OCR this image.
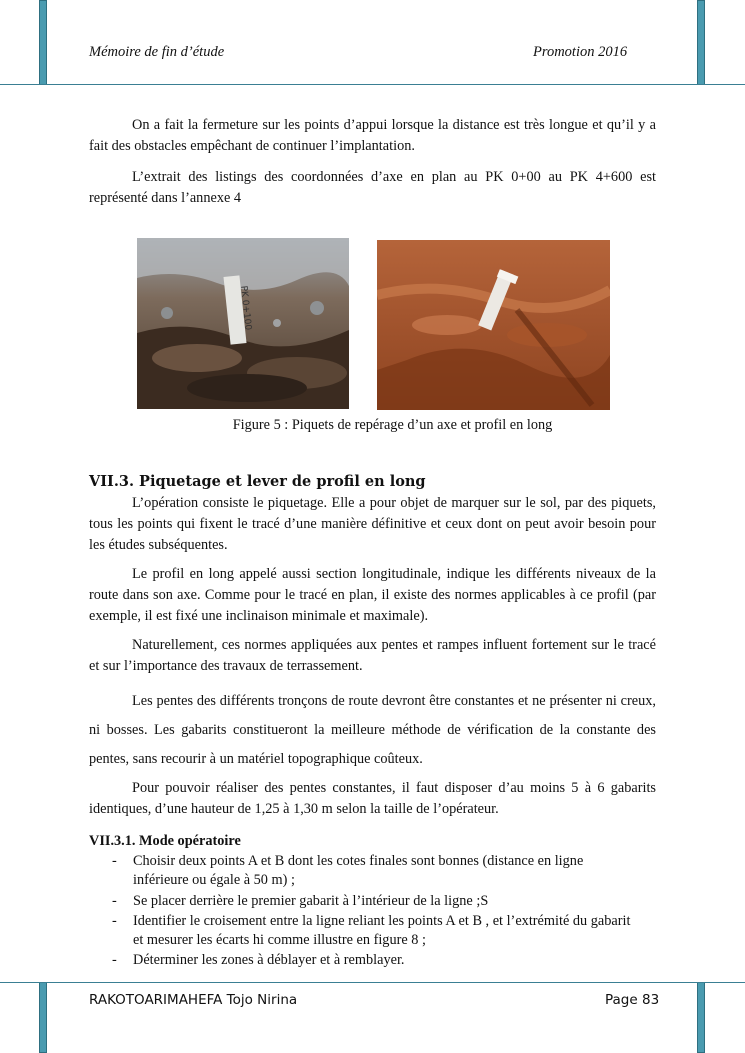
Mémoire de fin d’étude	Promotion 2016

On a fait la fermeture sur les points d’appui lorsque la distance est très longue et qu’il y a fait des obstacles empêchant de continuer l’implantation.

L’extrait des listings des coordonnées d’axe en plan au PK 0+00 au PK 4+600 est représenté dans l’annexe 4

PK 0+100
Figure 5 : Piquets de repérage d’un axe et profil en long
VII.3. Piquetage et lever de profil en long

L’opération consiste le piquetage. Elle a pour objet de marquer sur le sol, par des piquets, tous les points qui fixent le tracé d’une manière définitive et ceux dont on peut avoir besoin pour les études subséquentes.

Le profil en long appelé aussi section longitudinale, indique les différents niveaux de la route dans son axe. Comme pour le tracé en plan, il existe des normes applicables à ce profil (par exemple, il est fixé une inclinaison minimale et maximale).

Naturellement, ces normes appliquées aux pentes et rampes influent fortement sur le tracé et sur l’importance des travaux de terrassement.

Les pentes des différents tronçons de route devront être constantes et ne présenter ni creux, ni bosses. Les gabarits constitueront la meilleure méthode de vérification de la constante des pentes, sans recourir à un matériel topographique coûteux.

Pour pouvoir réaliser des pentes constantes, il faut disposer d’au moins 5 à 6 gabarits identiques, d’une hauteur de 1,25 à 1,30 m selon la taille de l’opérateur.

VII.3.1. Mode opératoire
- Choisir deux points A et B dont les cotes finales sont bonnes (distance en ligne inférieure ou égale à 50 m) ;
- Se placer derrière le premier gabarit à l’intérieur de la ligne ;S
- Identifier le croisement entre la ligne reliant les points A et B , et l’extrémité du gabarit et mesurer les écarts hi comme illustre en figure 8 ;
- Déterminer les zones à déblayer et à remblayer.
RAKOTOARIMAHEFA Tojo Nirina	Page 83
